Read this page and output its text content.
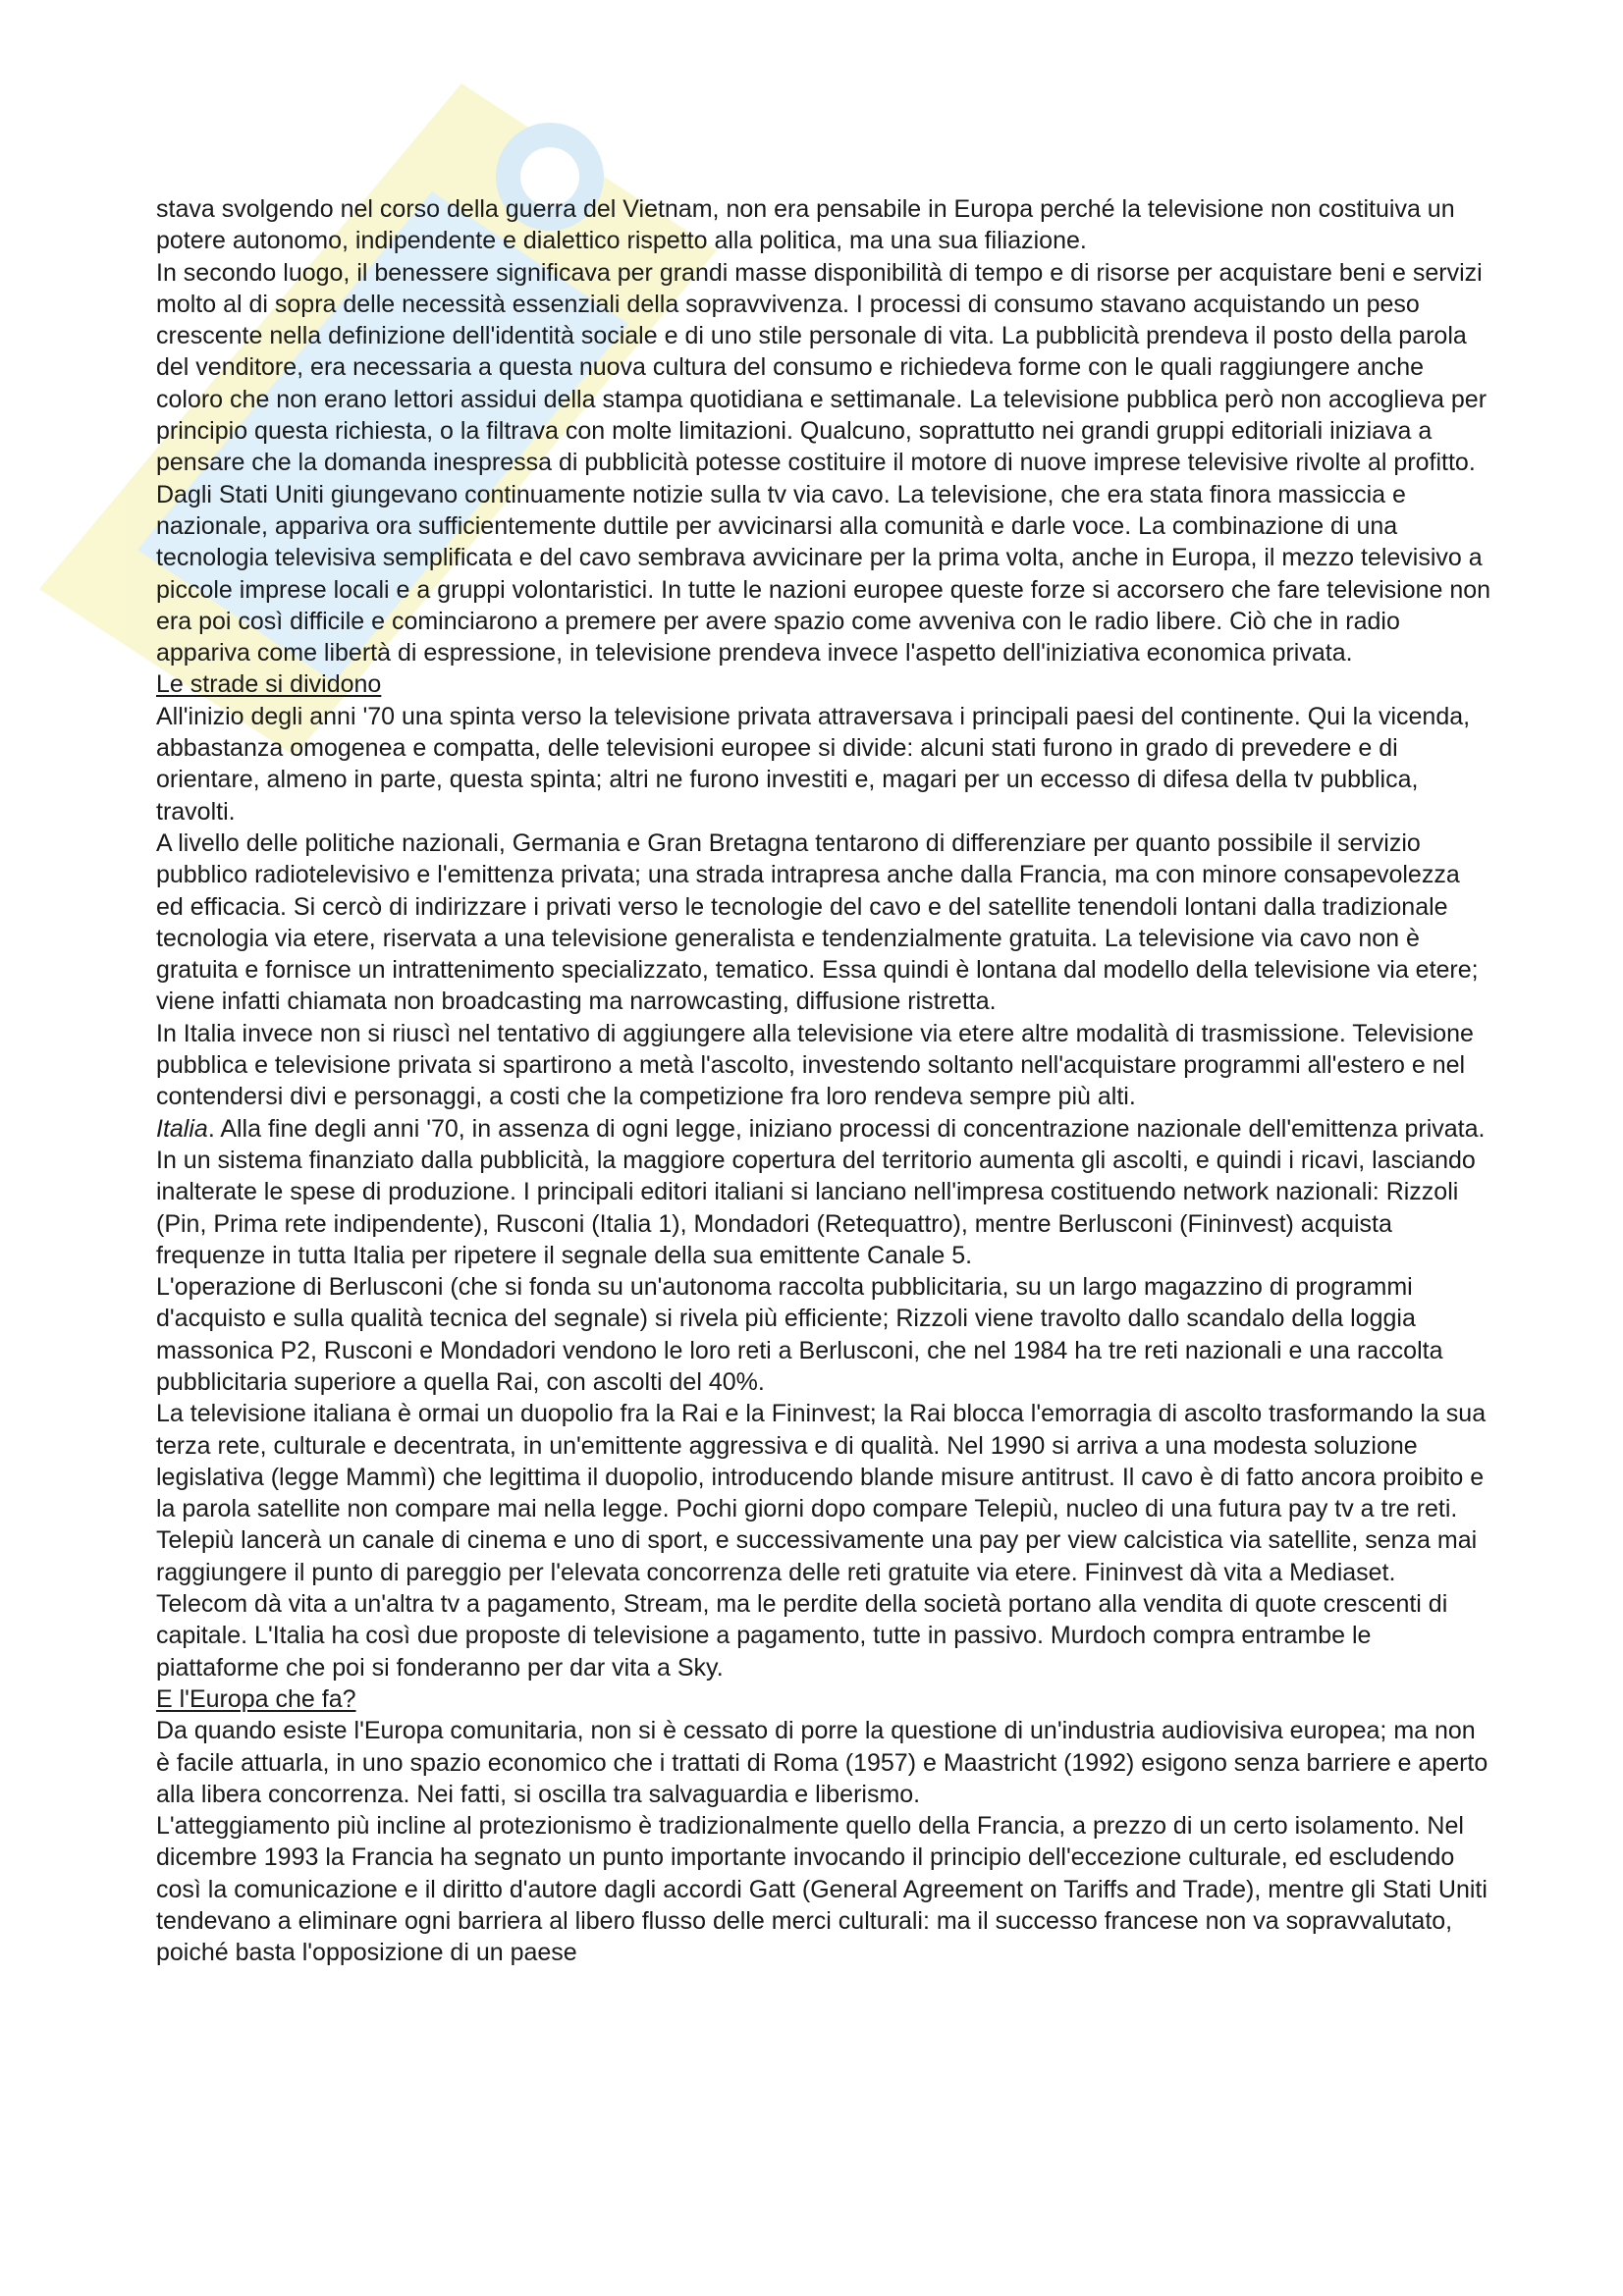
stava svolgendo nel corso della guerra del Vietnam, non era pensabile in Europa perché la televisione non costituiva un potere autonomo, indipendente e dialettico rispetto alla politica, ma una sua filiazione.

In secondo luogo, il benessere significava per grandi masse disponibilità di tempo e di risorse per acquistare beni e servizi molto al di sopra delle necessità essenziali della sopravvivenza. I processi di consumo stavano acquistando un peso crescente nella definizione dell'identità sociale e di uno stile personale di vita. La pubblicità prendeva il posto della parola del venditore, era necessaria a questa nuova cultura del consumo e richiedeva forme con le quali raggiungere anche coloro che non erano lettori assidui della stampa quotidiana e settimanale. La televisione pubblica però non accoglieva per principio questa richiesta, o la filtrava con molte limitazioni. Qualcuno, soprattutto nei grandi gruppi editoriali iniziava a pensare che la domanda inespressa di pubblicità potesse costituire il motore di nuove imprese televisive rivolte al profitto.

Dagli Stati Uniti giungevano continuamente notizie sulla tv via cavo. La televisione, che era stata finora massiccia e nazionale, appariva ora sufficientemente duttile per avvicinarsi alla comunità e darle voce. La combinazione di una tecnologia televisiva semplificata e del cavo sembrava avvicinare per la prima volta, anche in Europa, il mezzo televisivo a piccole imprese locali e a gruppi volontaristici. In tutte le nazioni europee queste forze si accorsero che fare televisione non era poi così difficile e cominciarono a premere per avere spazio come avveniva con le radio libere. Ciò che in radio appariva come libertà di espressione, in televisione prendeva invece l'aspetto dell'iniziativa economica privata.

Le strade si dividono

All'inizio degli anni '70 una spinta verso la televisione privata attraversava i principali paesi del continente. Qui la vicenda, abbastanza omogenea e compatta, delle televisioni europee si divide: alcuni stati furono in grado di prevedere e di orientare, almeno in parte, questa spinta; altri ne furono investiti e, magari per un eccesso di difesa della tv pubblica, travolti.

A livello delle politiche nazionali, Germania e Gran Bretagna tentarono di differenziare per quanto possibile il servizio pubblico radiotelevisivo e l'emittenza privata; una strada intrapresa anche dalla Francia, ma con minore consapevolezza ed efficacia. Si cercò di indirizzare i privati verso le tecnologie del cavo e del satellite tenendoli lontani dalla tradizionale tecnologia via etere, riservata a una televisione generalista e tendenzialmente gratuita. La televisione via cavo non è gratuita e fornisce un intrattenimento specializzato, tematico. Essa quindi è lontana dal modello della televisione via etere; viene infatti chiamata non broadcasting ma narrowcasting, diffusione ristretta.

In Italia invece non si riuscì nel tentativo di aggiungere alla televisione via etere altre modalità di trasmissione. Televisione pubblica e televisione privata si spartirono a metà l'ascolto, investendo soltanto nell'acquistare programmi all'estero e nel contendersi divi e personaggi, a costi che la competizione fra loro rendeva sempre più alti.

Italia. Alla fine degli anni '70, in assenza di ogni legge, iniziano processi di concentrazione nazionale dell'emittenza privata. In un sistema finanziato dalla pubblicità, la maggiore copertura del territorio aumenta gli ascolti, e quindi i ricavi, lasciando inalterate le spese di produzione. I principali editori italiani si lanciano nell'impresa costituendo network nazionali: Rizzoli (Pin, Prima rete indipendente), Rusconi (Italia 1), Mondadori (Retequattro), mentre Berlusconi (Fininvest) acquista frequenze in tutta Italia per ripetere il segnale della sua emittente Canale 5.

L'operazione di Berlusconi (che si fonda su un'autonoma raccolta pubblicitaria, su un largo magazzino di programmi d'acquisto e sulla qualità tecnica del segnale) si rivela più efficiente; Rizzoli viene travolto dallo scandalo della loggia massonica P2, Rusconi e Mondadori vendono le loro reti a Berlusconi, che nel 1984 ha tre reti nazionali e una raccolta pubblicitaria superiore a quella Rai, con ascolti del 40%.

La televisione italiana è ormai un duopolio fra la Rai e la Fininvest; la Rai blocca l'emorragia di ascolto trasformando la sua terza rete, culturale e decentrata, in un'emittente aggressiva e di qualità. Nel 1990 si arriva a una modesta soluzione legislativa (legge Mammì) che legittima il duopolio, introducendo blande misure antitrust. Il cavo è di fatto ancora proibito e la parola satellite non compare mai nella legge. Pochi giorni dopo compare Telepiù, nucleo di una futura pay tv a tre reti. Telepiù lancerà un canale di cinema e uno di sport, e successivamente una pay per view calcistica via satellite, senza mai raggiungere il punto di pareggio per l'elevata concorrenza delle reti gratuite via etere. Fininvest dà vita a Mediaset.

Telecom dà vita a un'altra tv a pagamento, Stream, ma le perdite della società portano alla vendita di quote crescenti di capitale. L'Italia ha così due proposte di televisione a pagamento, tutte in passivo. Murdoch compra entrambe le piattaforme che poi si fonderanno per dar vita a Sky.

E l'Europa che fa?

Da quando esiste l'Europa comunitaria, non si è cessato di porre la questione di un'industria audiovisiva europea; ma non è facile attuarla, in uno spazio economico che i trattati di Roma (1957) e Maastricht (1992) esigono senza barriere e aperto alla libera concorrenza. Nei fatti, si oscilla tra salvaguardia e liberismo.

L'atteggiamento più incline al protezionismo è tradizionalmente quello della Francia, a prezzo di un certo isolamento. Nel dicembre 1993 la Francia ha segnato un punto importante invocando il principio dell'eccezione culturale, ed escludendo così la comunicazione e il diritto d'autore dagli accordi Gatt (General Agreement on Tariffs and Trade), mentre gli Stati Uniti tendevano a eliminare ogni barriera al libero flusso delle merci culturali: ma il successo francese non va sopravvalutato, poiché basta l'opposizione di un paese
